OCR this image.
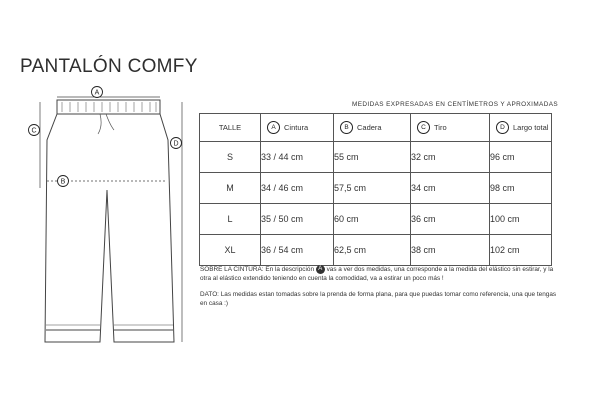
PANTALÓN COMFY
A
C
B
D
MEDIDAS EXPRESADAS EN CENTÍMETROS Y APROXIMADAS
TALLE	A Cintura	B Cadera	C Tiro	D Largo total

S	33 / 44 cm	55 cm	32 cm	96 cm
M	34 / 46 cm	57,5 cm	34 cm	98 cm
L	35 / 50 cm	60 cm	36 cm	100 cm
XL	36 / 54 cm	62,5 cm	38 cm	102 cm
SOBRE LA CINTURA: En la descripción A vas a ver dos medidas, una corresponde a la medida del elástico sin estirar, y la otra al elástico extendido teniendo en cuenta la comodidad, va a estirar un poco más !
DATO: Las medidas estan tomadas sobre la prenda de forma plana, para que puedas tomar como referencia, una que tengas en casa :)
